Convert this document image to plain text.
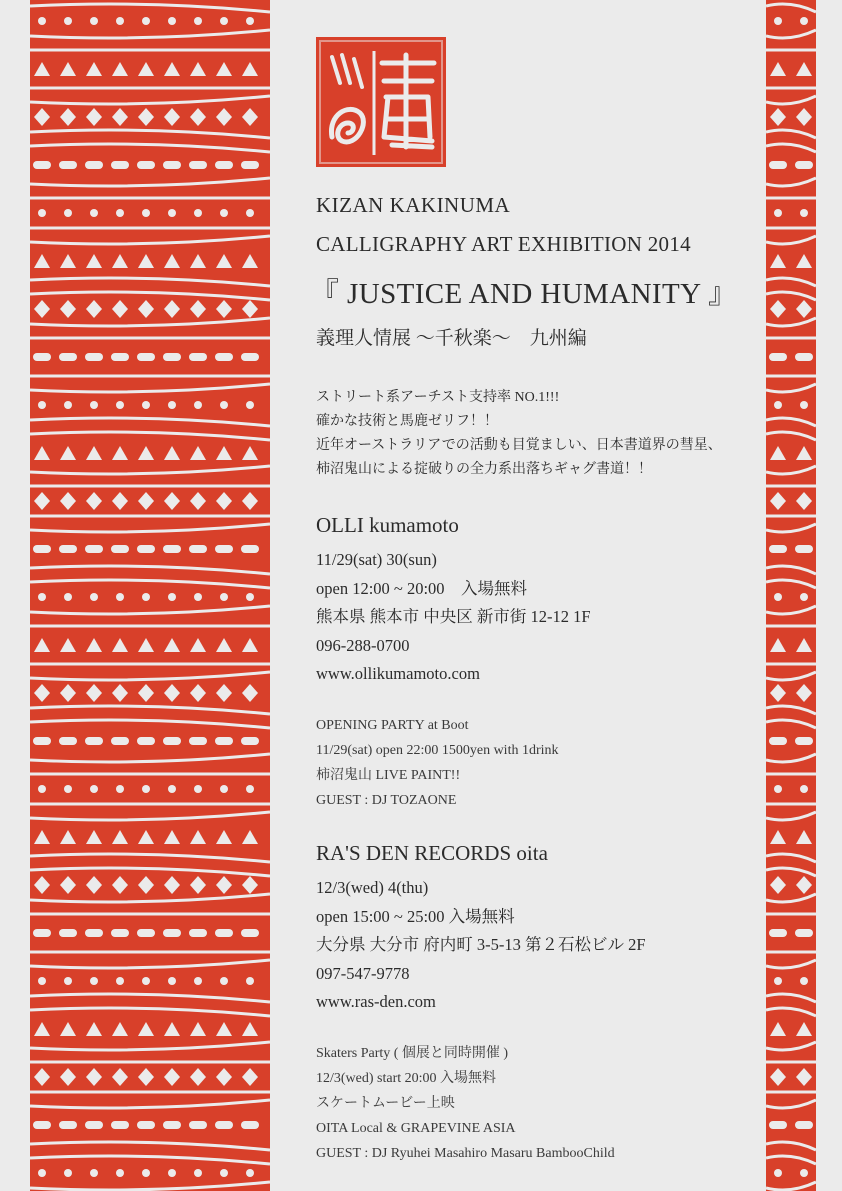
KIZAN KAKINUMA
CALLIGRAPHY ART EXHIBITION 2014
『 JUSTICE AND HUMANITY 』
義理人情展 〜千秋楽〜　九州編
ストリート系アーチスト支持率 NO.1!!!
確かな技術と馬鹿ゼリフ！！
近年オーストラリアでの活動も目覚ましい、日本書道界の彗星、
柿沼鬼山による掟破りの全力系出落ちギャグ書道！！
OLLI kumamoto
11/29(sat) 30(sun)
open 12:00 ~ 20:00　入場無料
熊本県 熊本市 中央区 新市街 12-12 1F
096-288-0700
www.ollikumamoto.com
OPENING PARTY at Boot
11/29(sat) open 22:00 1500yen with 1drink
柿沼鬼山 LIVE PAINT!!
GUEST : DJ TOZAONE
RA'S DEN RECORDS oita
12/3(wed) 4(thu)
open 15:00 ~ 25:00 入場無料
大分県 大分市 府内町 3-5-13 第２石松ビル 2F
097-547-9778
www.ras-den.com
Skaters Party ( 個展と同時開催 )
12/3(wed) start 20:00 入場無料
スケートムービー上映
OITA Local & GRAPEVINE ASIA
GUEST : DJ Ryuhei Masahiro Masaru BambooChild
